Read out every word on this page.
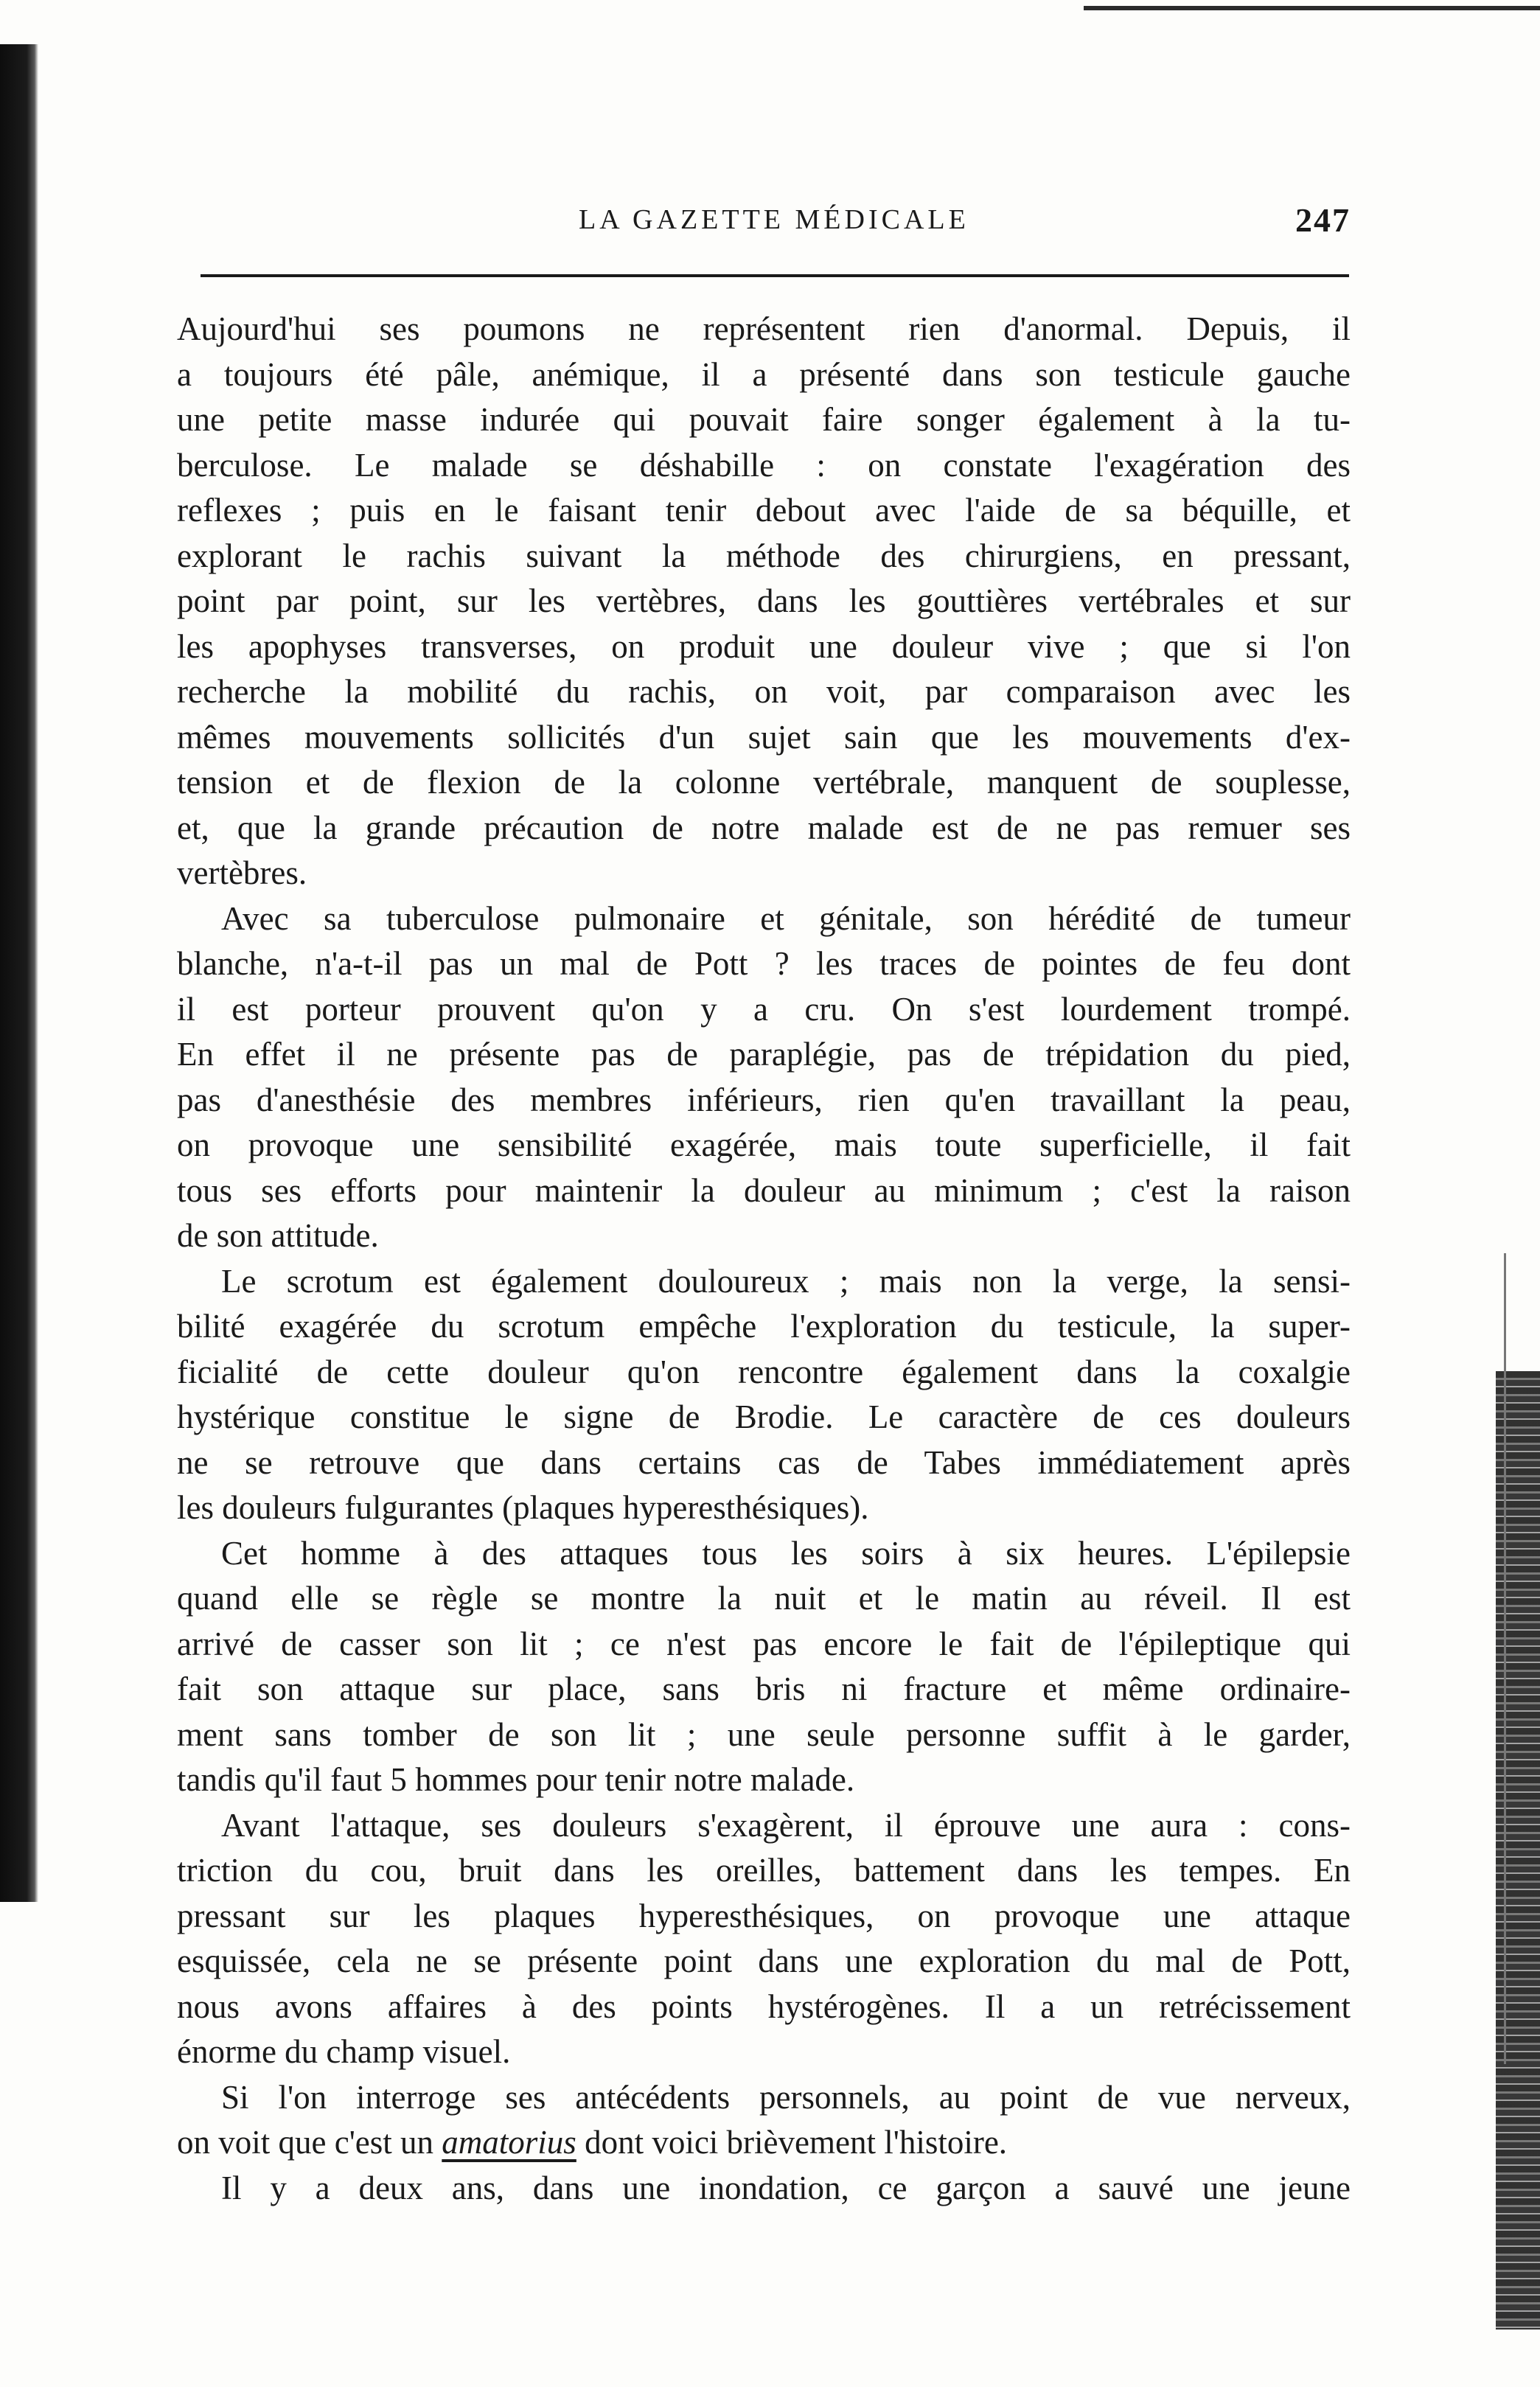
LA GAZETTE MÉDICALE	247
Aujourd'hui ses poumons ne représentent rien d'anormal. Depuis, il
a toujours été pâle, anémique, il a présenté dans son testicule gauche
une petite masse indurée qui pouvait faire songer également à la tu-
berculose. Le malade se déshabille : on constate l'exagération des
reflexes ; puis en le faisant tenir debout avec l'aide de sa béquille, et
explorant le rachis suivant la méthode des chirurgiens, en pressant,
point par point, sur les vertèbres, dans les gouttières vertébrales et sur
les apophyses transverses, on produit une douleur vive ; que si l'on
recherche la mobilité du rachis, on voit, par comparaison avec les
mêmes mouvements sollicités d'un sujet sain que les mouvements d'ex-
tension et de flexion de la colonne vertébrale, manquent de souplesse,
et, que la grande précaution de notre malade est de ne pas remuer ses
vertèbres.
Avec sa tuberculose pulmonaire et génitale, son hérédité de tumeur
blanche, n'a-t-il pas un mal de Pott ? les traces de pointes de feu dont
il est porteur prouvent qu'on y a cru. On s'est lourdement trompé.
En effet il ne présente pas de paraplégie, pas de trépidation du pied,
pas d'anesthésie des membres inférieurs, rien qu'en travaillant la peau,
on provoque une sensibilité exagérée, mais toute superficielle, il fait
tous ses efforts pour maintenir la douleur au minimum ; c'est la raison
de son attitude.
Le scrotum est également douloureux ; mais non la verge, la sensi-
bilité exagérée du scrotum empêche l'exploration du testicule, la super-
ficialité de cette douleur qu'on rencontre également dans la coxalgie
hystérique constitue le signe de Brodie. Le caractère de ces douleurs
ne se retrouve que dans certains cas de Tabes immédiatement après
les douleurs fulgurantes (plaques hyperesthésiques).
Cet homme à des attaques tous les soirs à six heures. L'épilepsie
quand elle se règle se montre la nuit et le matin au réveil. Il est
arrivé de casser son lit ; ce n'est pas encore le fait de l'épileptique qui
fait son attaque sur place, sans bris ni fracture et même ordinaire-
ment sans tomber de son lit ; une seule personne suffit à le garder,
tandis qu'il faut 5 hommes pour tenir notre malade.
Avant l'attaque, ses douleurs s'exagèrent, il éprouve une aura : cons-
triction du cou, bruit dans les oreilles, battement dans les tempes. En
pressant sur les plaques hyperesthésiques, on provoque une attaque
esquissée, cela ne se présente point dans une exploration du mal de Pott,
nous avons affaires à des points hystérogènes. Il a un retrécissement
énorme du champ visuel.
Si l'on interroge ses antécédents personnels, au point de vue nerveux,
on voit que c'est un amatorius dont voici brièvement l'histoire.
Il y a deux ans, dans une inondation, ce garçon a sauvé une jeune
